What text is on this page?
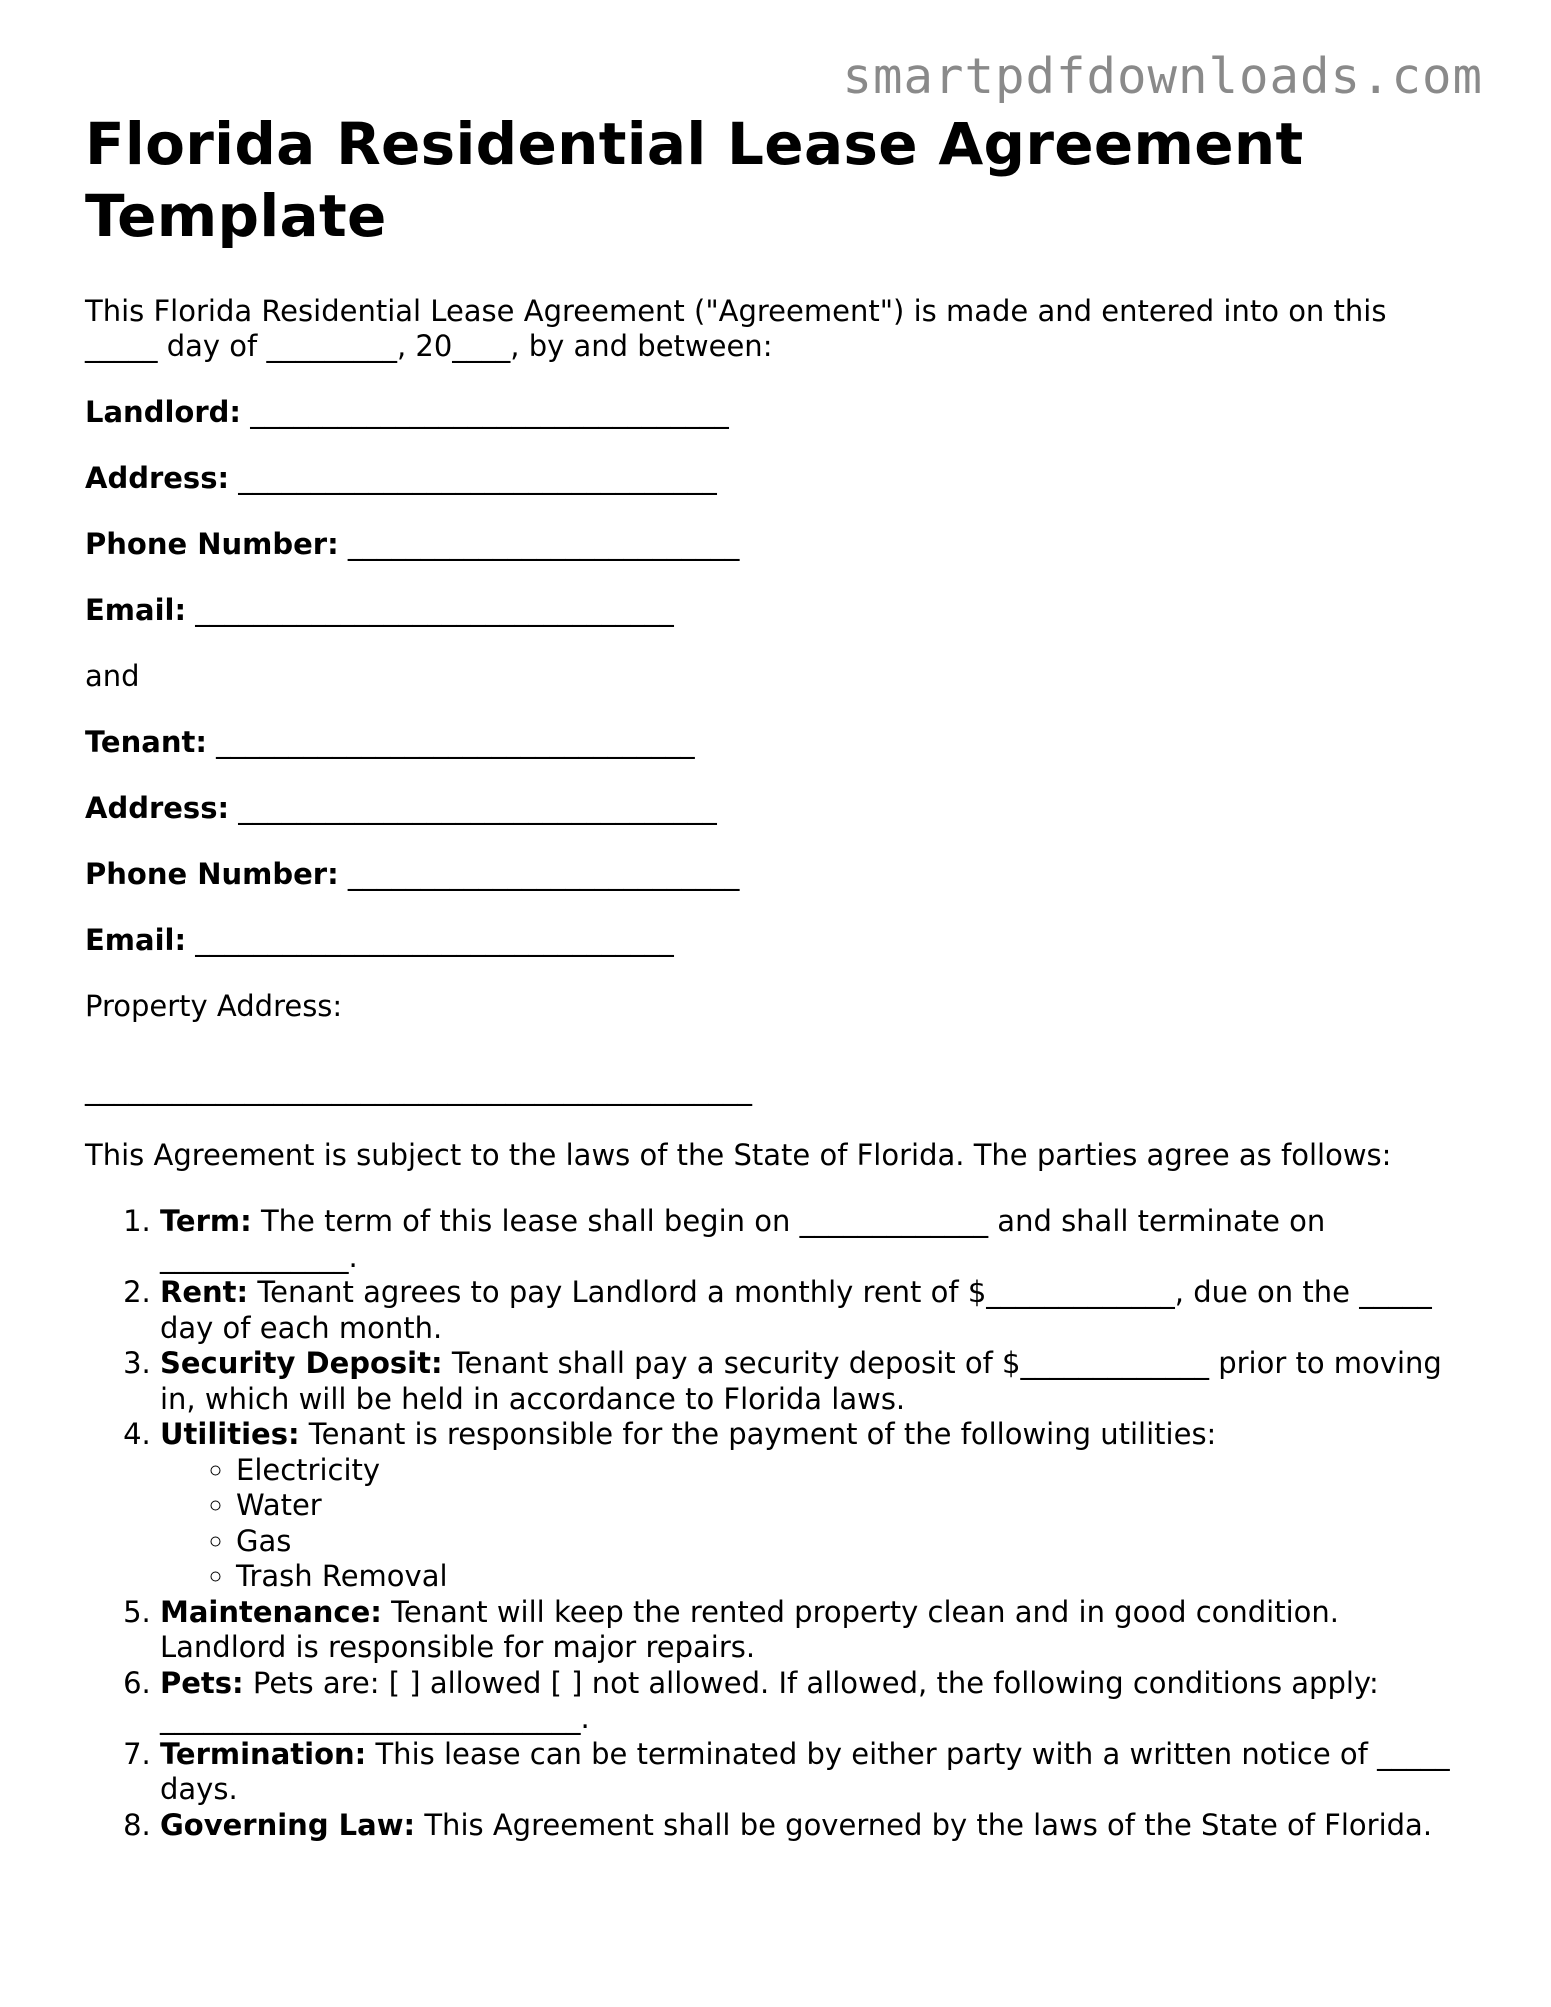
smartpdfdownloads.com
Florida Residential Lease Agreement
Template

This Florida Residential Lease Agreement ("Agreement") is made and entered into on this _____ day of _________, 20____, by and between:

Landlord: _________________________________

Address: _________________________________

Phone Number: ___________________________

Email: _________________________________

and

Tenant: _________________________________

Address: _________________________________

Phone Number: ___________________________

Email: _________________________________

Property Address:

______________________________________________

This Agreement is subject to the laws of the State of Florida. The parties agree as follows:

1. Term: The term of this lease shall begin on _____________ and shall terminate on _____________.
2. Rent: Tenant agrees to pay Landlord a monthly rent of $_____________, due on the _____ day of each month.
3. Security Deposit: Tenant shall pay a security deposit of $_____________ prior to moving in, which will be held in accordance to Florida laws.
4. Utilities: Tenant is responsible for the payment of the following utilities:
◦ Electricity
◦ Water
◦ Gas
◦ Trash Removal
5. Maintenance: Tenant will keep the rented property clean and in good condition. Landlord is responsible for major repairs.
6. Pets: Pets are: [ ] allowed [ ] not allowed. If allowed, the following conditions apply: _____________________________.
7. Termination: This lease can be terminated by either party with a written notice of _____ days.
8. Governing Law: This Agreement shall be governed by the laws of the State of Florida.
